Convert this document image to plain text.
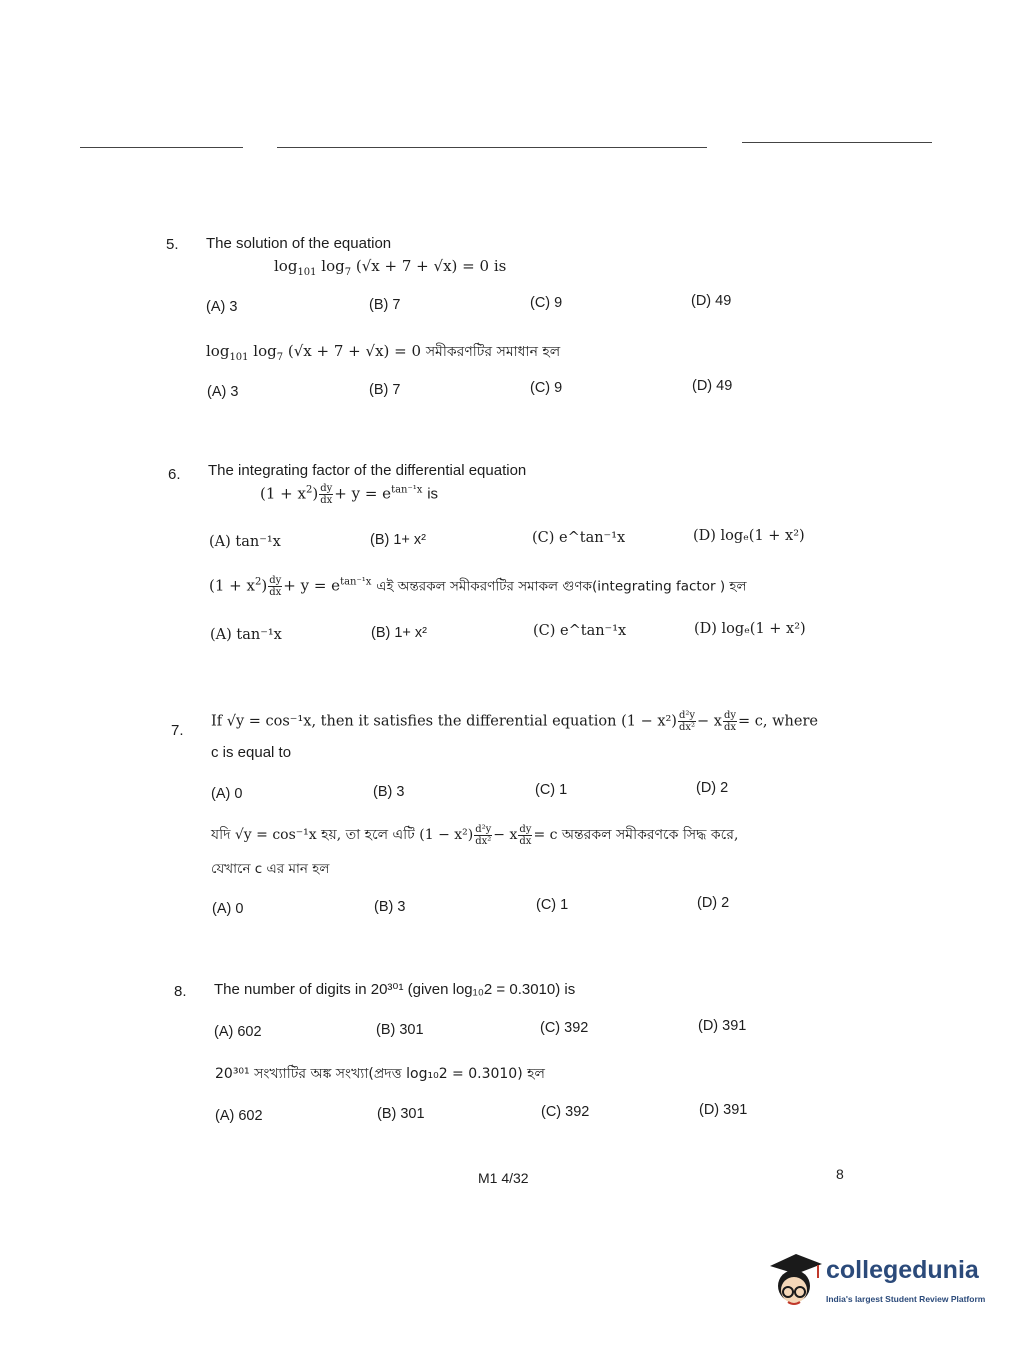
5. The solution of the equation
$\log_{101} \log_7 (√x + 7 + √x) = 0$ is
(A) 3	(B) 7	(C) 9	(D) 49
$\log_{101} \log_7 (√x + 7 + √x) = 0$ সমীকরণটির সমাধান হল
(A) 3	(B) 7	(C) 9	(D) 49
6. The integrating factor of the differential equation
$(1 + x^2) \frac{dy}{dx} + y = e^{tan^{-1}x}$ is
(A) tan⁻¹x	(B) 1+ x²	(C) e^tan⁻¹x	(D) logₑ(1 + x²)
$(1 + x^2) \frac{dy}{dx} + y = e^{tan^{-1}x}$ এই অন্তরকল সমীকরণটির সমাকল গুণক(integrating factor ) হল
(A) tan⁻¹x	(B) 1+ x²	(C) e^tan⁻¹x	(D) logₑ(1 + x²)
7.
If √y = cos⁻¹x, then it satisfies the differential equation $(1 - x^2) \frac{\text{d²y}}{\text{dx²}} - x \frac{dy}{dx} = c$, where
c is equal to
(A) 0	(B) 3	(C) 1	(D) 2
যদি √y = cos⁻¹x হয়, তা হলে এটি $(1 - x^2) \frac{\text{d²y}}{\text{dx²}} - x \frac{dy}{dx} = c$ অন্তরকল সমীকরণকে সিদ্ধ করে,
যেখানে c এর মান হল
(A) 0	(B) 3	(C) 1	(D) 2
8. The number of digits in 20³⁰¹ (given log₁₀2 = 0.3010) is
(A) 602	(B) 301	(C) 392	(D) 391
20³⁰¹ সংখ্যাটির অঙ্ক সংখ্যা(প্রদত্ত log₁₀2 = 0.3010) হল
(A) 602	(B) 301	(C) 392	(D) 391
M1 4/32	8
collegedunia
India's largest Student Review Platform
